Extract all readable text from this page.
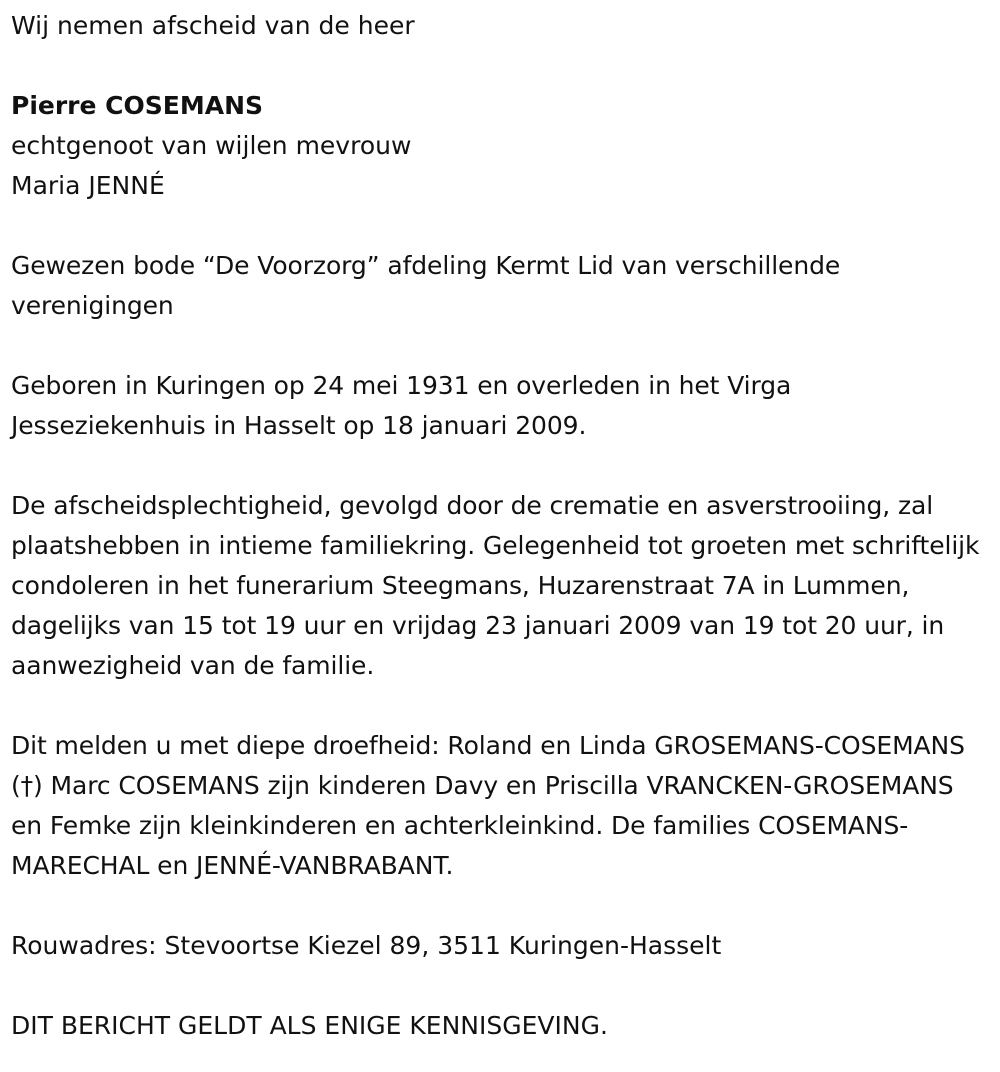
Wij nemen afscheid van de heer

Pierre COSEMANS

echtgenoot van wijlen mevrouw

Maria JENNÉ

Gewezen bode “De Voorzorg” afdeling Kermt Lid van verschillende verenigingen

Geboren in Kuringen op 24 mei 1931 en overleden in het Virga Jesseziekenhuis in Hasselt op 18 januari 2009.

De afscheidsplechtigheid, gevolgd door de crematie en asverstrooiing, zal plaatshebben in intieme familiekring. Gelegenheid tot groeten met schriftelijk condoleren in het funerarium Steegmans, Huzarenstraat 7A in Lummen, dagelijks van 15 tot 19 uur en vrijdag 23 januari 2009 van 19 tot 20 uur, in aanwezigheid van de familie.

Dit melden u met diepe droefheid: Roland en Linda GROSEMANS-COSEMANS (†) Marc COSEMANS zijn kinderen Davy en Priscilla VRANCKEN-GROSEMANS en Femke zijn kleinkinderen en achterkleinkind. De families COSEMANS-MARECHAL en JENNÉ-VANBRABANT.

Rouwadres: Stevoortse Kiezel 89, 3511 Kuringen-Hasselt

DIT BERICHT GELDT ALS ENIGE KENNISGEVING.
